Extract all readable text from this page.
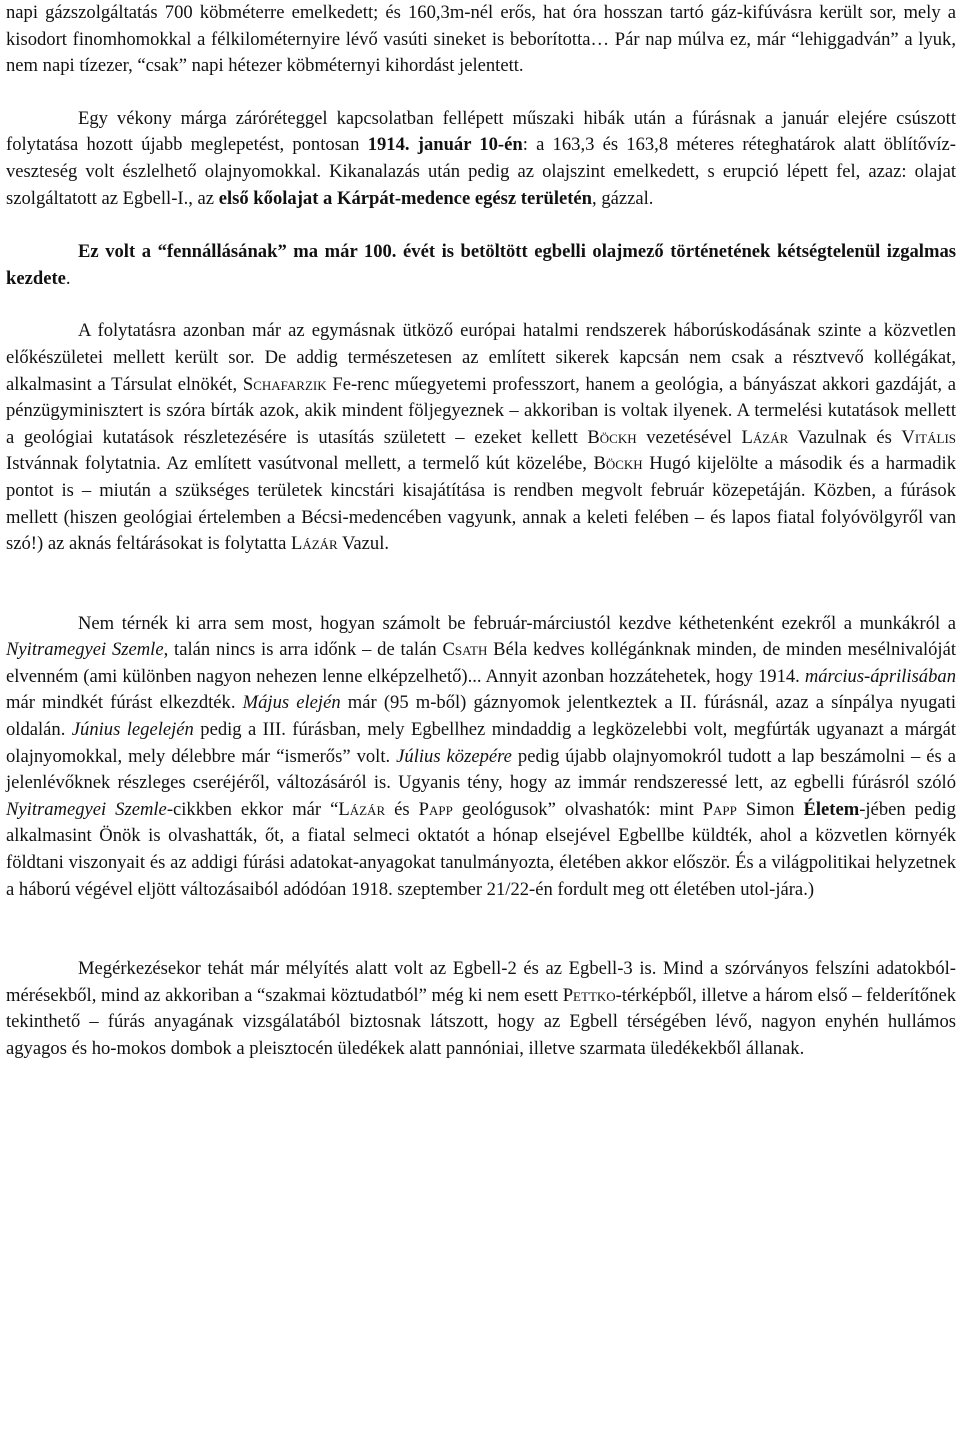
napi gázszolgáltatás 700 köbméterre emelkedett; és 160,3m-nél erős, hat óra hosszan tartó gáz-kifúvásra került sor, mely a kisodort finomhomokkal a félkilométernyire lévő vasúti sineket is beborította… Pár nap múlva ez, már “lehiggadván” a lyuk, nem napi tízezer, “csak” napi hétezer köbméternyi kihordást jelentett.

Egy vékony márga záróréteggel kapcsolatban fellépett műszaki hibák után a fúrásnak a január elejére csúszott folytatása hozott újabb meglepetést, pontosan 1914. január 10-én: a 163,3 és 163,8 méteres réteghatárok alatt öblítővíz-veszteség volt észlelhető olajnyomokkal. Kikanalazás után pedig az olajszint emelkedett, s erupció lépett fel, azaz: olajat szolgáltatott az Egbell-I., az első kőolajat a Kárpát-medence egész területén, gázzal.

Ez volt a “fennállásának” ma már 100. évét is betöltött egbelli olajmező történetének kétségtelenül izgalmas kezdete.

A folytatásra azonban már az egymásnak ütköző európai hatalmi rendszerek háborúskodásának szinte a közvetlen előkészületei mellett került sor. De addig természetesen az említett sikerek kapcsán nem csak a résztvevő kollégákat, alkalmasint a Társulat elnökét, Schafarzik Fe-renc műegyetemi professzort, hanem a geológia, a bányászat akkori gazdáját, a pénzügyminisztert is szóra bírták azok, akik mindent följegyeznek – akkoriban is voltak ilyenek. A termelési kutatások mellett a geológiai kutatások részletezésére is utasítás született – ezeket kellett Böckh vezetésével Lázár Vazulnak és Vitális Istvánnak folytatnia. Az említett vasútvonal mellett, a termelő kút közelébe, Böckh Hugó kijelölte a második és a harmadik pontot is – miután a szükséges területek kincstári kisajátítása is rendben megvolt február közepetáján. Közben, a fúrások mellett (hiszen geológiai értelemben a Bécsi-medencében vagyunk, annak a keleti felében – és lapos fiatal folyóvölgyről van szó!) az aknás feltárásokat is folytatta Lázár Vazul.

Nem térnék ki arra sem most, hogyan számolt be február-márciustól kezdve kéthetenként ezekről a munkákról a Nyitramegyei Szemle, talán nincs is arra időnk – de talán Csath Béla kedves kollégánknak minden, de minden mesélnivalóját elvenném (ami különben nagyon nehezen lenne elképzelhető)... Annyit azonban hozzátehetek, hogy 1914. március-áprilisában már mindkét fúrást elkezdték. Május elején már (95 m-ből) gáznyomok jelentkeztek a II. fúrásnál, azaz a sínpálya nyugati oldalán. Június legelején pedig a III. fúrásban, mely Egbellhez mindaddig a legközelebbi volt, megfúrták ugyanazt a márgát olajnyomokkal, mely délebbre már “ismerős” volt. Július közepére pedig újabb olajnyomokról tudott a lap beszámolni – és a jelenlévőknek részleges cseréjéről, változásáról is. Ugyanis tény, hogy az immár rendszeressé lett, az egbelli fúrásról szóló Nyitramegyei Szemle-cikkben ekkor már “Lázár és Papp geológusok” olvashatók: mint Papp Simon Életem-jében pedig alkalmasint Önök is olvashatták, őt, a fiatal selmeci oktatót a hónap elsejével Egbellbe küldték, ahol a közvetlen környék földtani viszonyait és az addigi fúrási adatokat-anyagokat tanulmányozta, életében akkor először. És a világpolitikai helyzetnek a háború végével eljött változásaiból adódóan 1918. szeptember 21/22-én fordult meg ott életében utol-jára.)

Megérkezésekor tehát már mélyítés alatt volt az Egbell-2 és az Egbell-3 is. Mind a szórványos felszíni adatokból-mérésekből, mind az akkoriban a “szakmai köztudatból” még ki nem esett Pettko-térképből, illetve a három első – felderítőnek tekinthető – fúrás anyagának vizsgálatából biztosnak látszott, hogy az Egbell térségében lévő, nagyon enyhén hullámos agyagos és ho-mokos dombok a pleisztocén üledékek alatt pannóniai, illetve szarmata üledékekből állanak.
